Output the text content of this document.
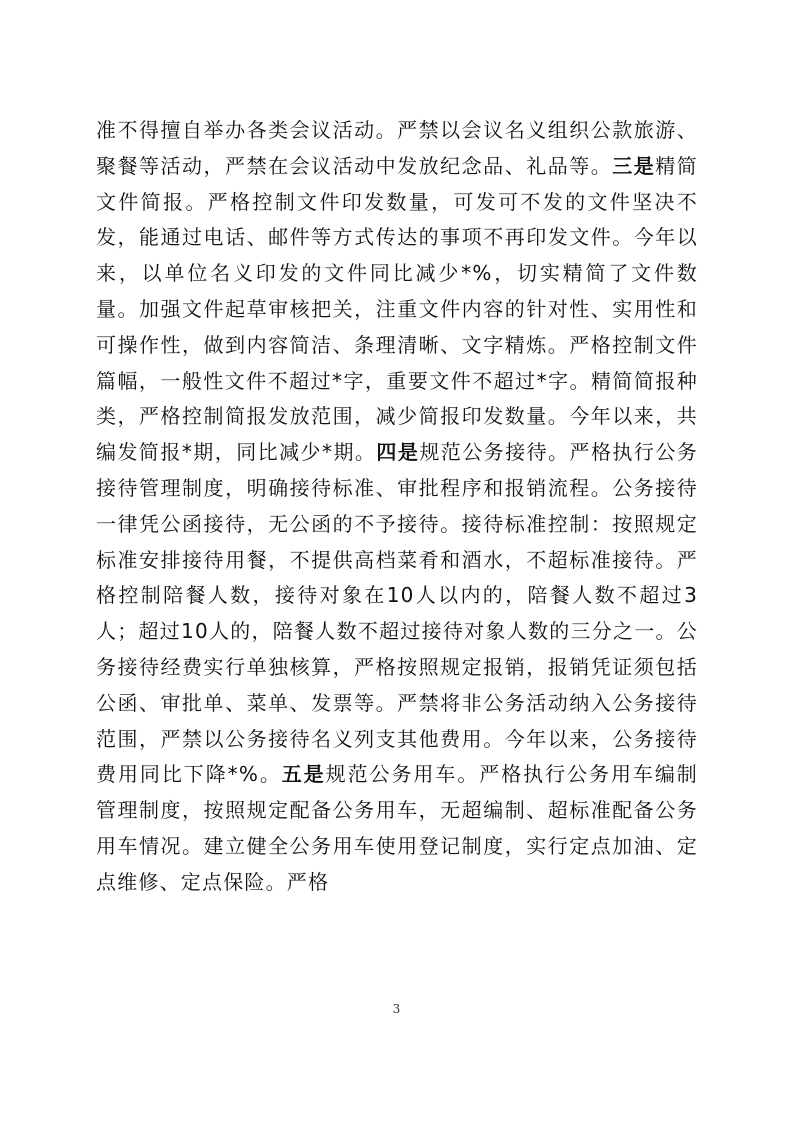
准不得擅自举办各类会议活动。严禁以会议名义组织公款旅游、聚餐等活动，严禁在会议活动中发放纪念品、礼品等。三是精简文件简报。严格控制文件印发数量，可发可不发的文件坚决不发，能通过电话、邮件等方式传达的事项不再印发文件。今年以来，以单位名义印发的文件同比减少*%，切实精简了文件数量。加强文件起草审核把关，注重文件内容的针对性、实用性和可操作性，做到内容简洁、条理清晰、文字精炼。严格控制文件篇幅，一般性文件不超过*字，重要文件不超过*字。精简简报种类，严格控制简报发放范围，减少简报印发数量。今年以来，共编发简报*期，同比减少*期。四是规范公务接待。严格执行公务接待管理制度，明确接待标准、审批程序和报销流程。公务接待一律凭公函接待，无公函的不予接待。接待标准控制：按照规定标准安排接待用餐，不提供高档菜肴和酒水，不超标准接待。严格控制陪餐人数，接待对象在10人以内的，陪餐人数不超过3人；超过10人的，陪餐人数不超过接待对象人数的三分之一。公务接待经费实行单独核算，严格按照规定报销，报销凭证须包括公函、审批单、菜单、发票等。严禁将非公务活动纳入公务接待范围，严禁以公务接待名义列支其他费用。今年以来，公务接待费用同比下降*%。五是规范公务用车。严格执行公务用车编制管理制度，按照规定配备公务用车，无超编制、超标准配备公务用车情况。建立健全公务用车使用登记制度，实行定点加油、定点维修、定点保险。严格

3
